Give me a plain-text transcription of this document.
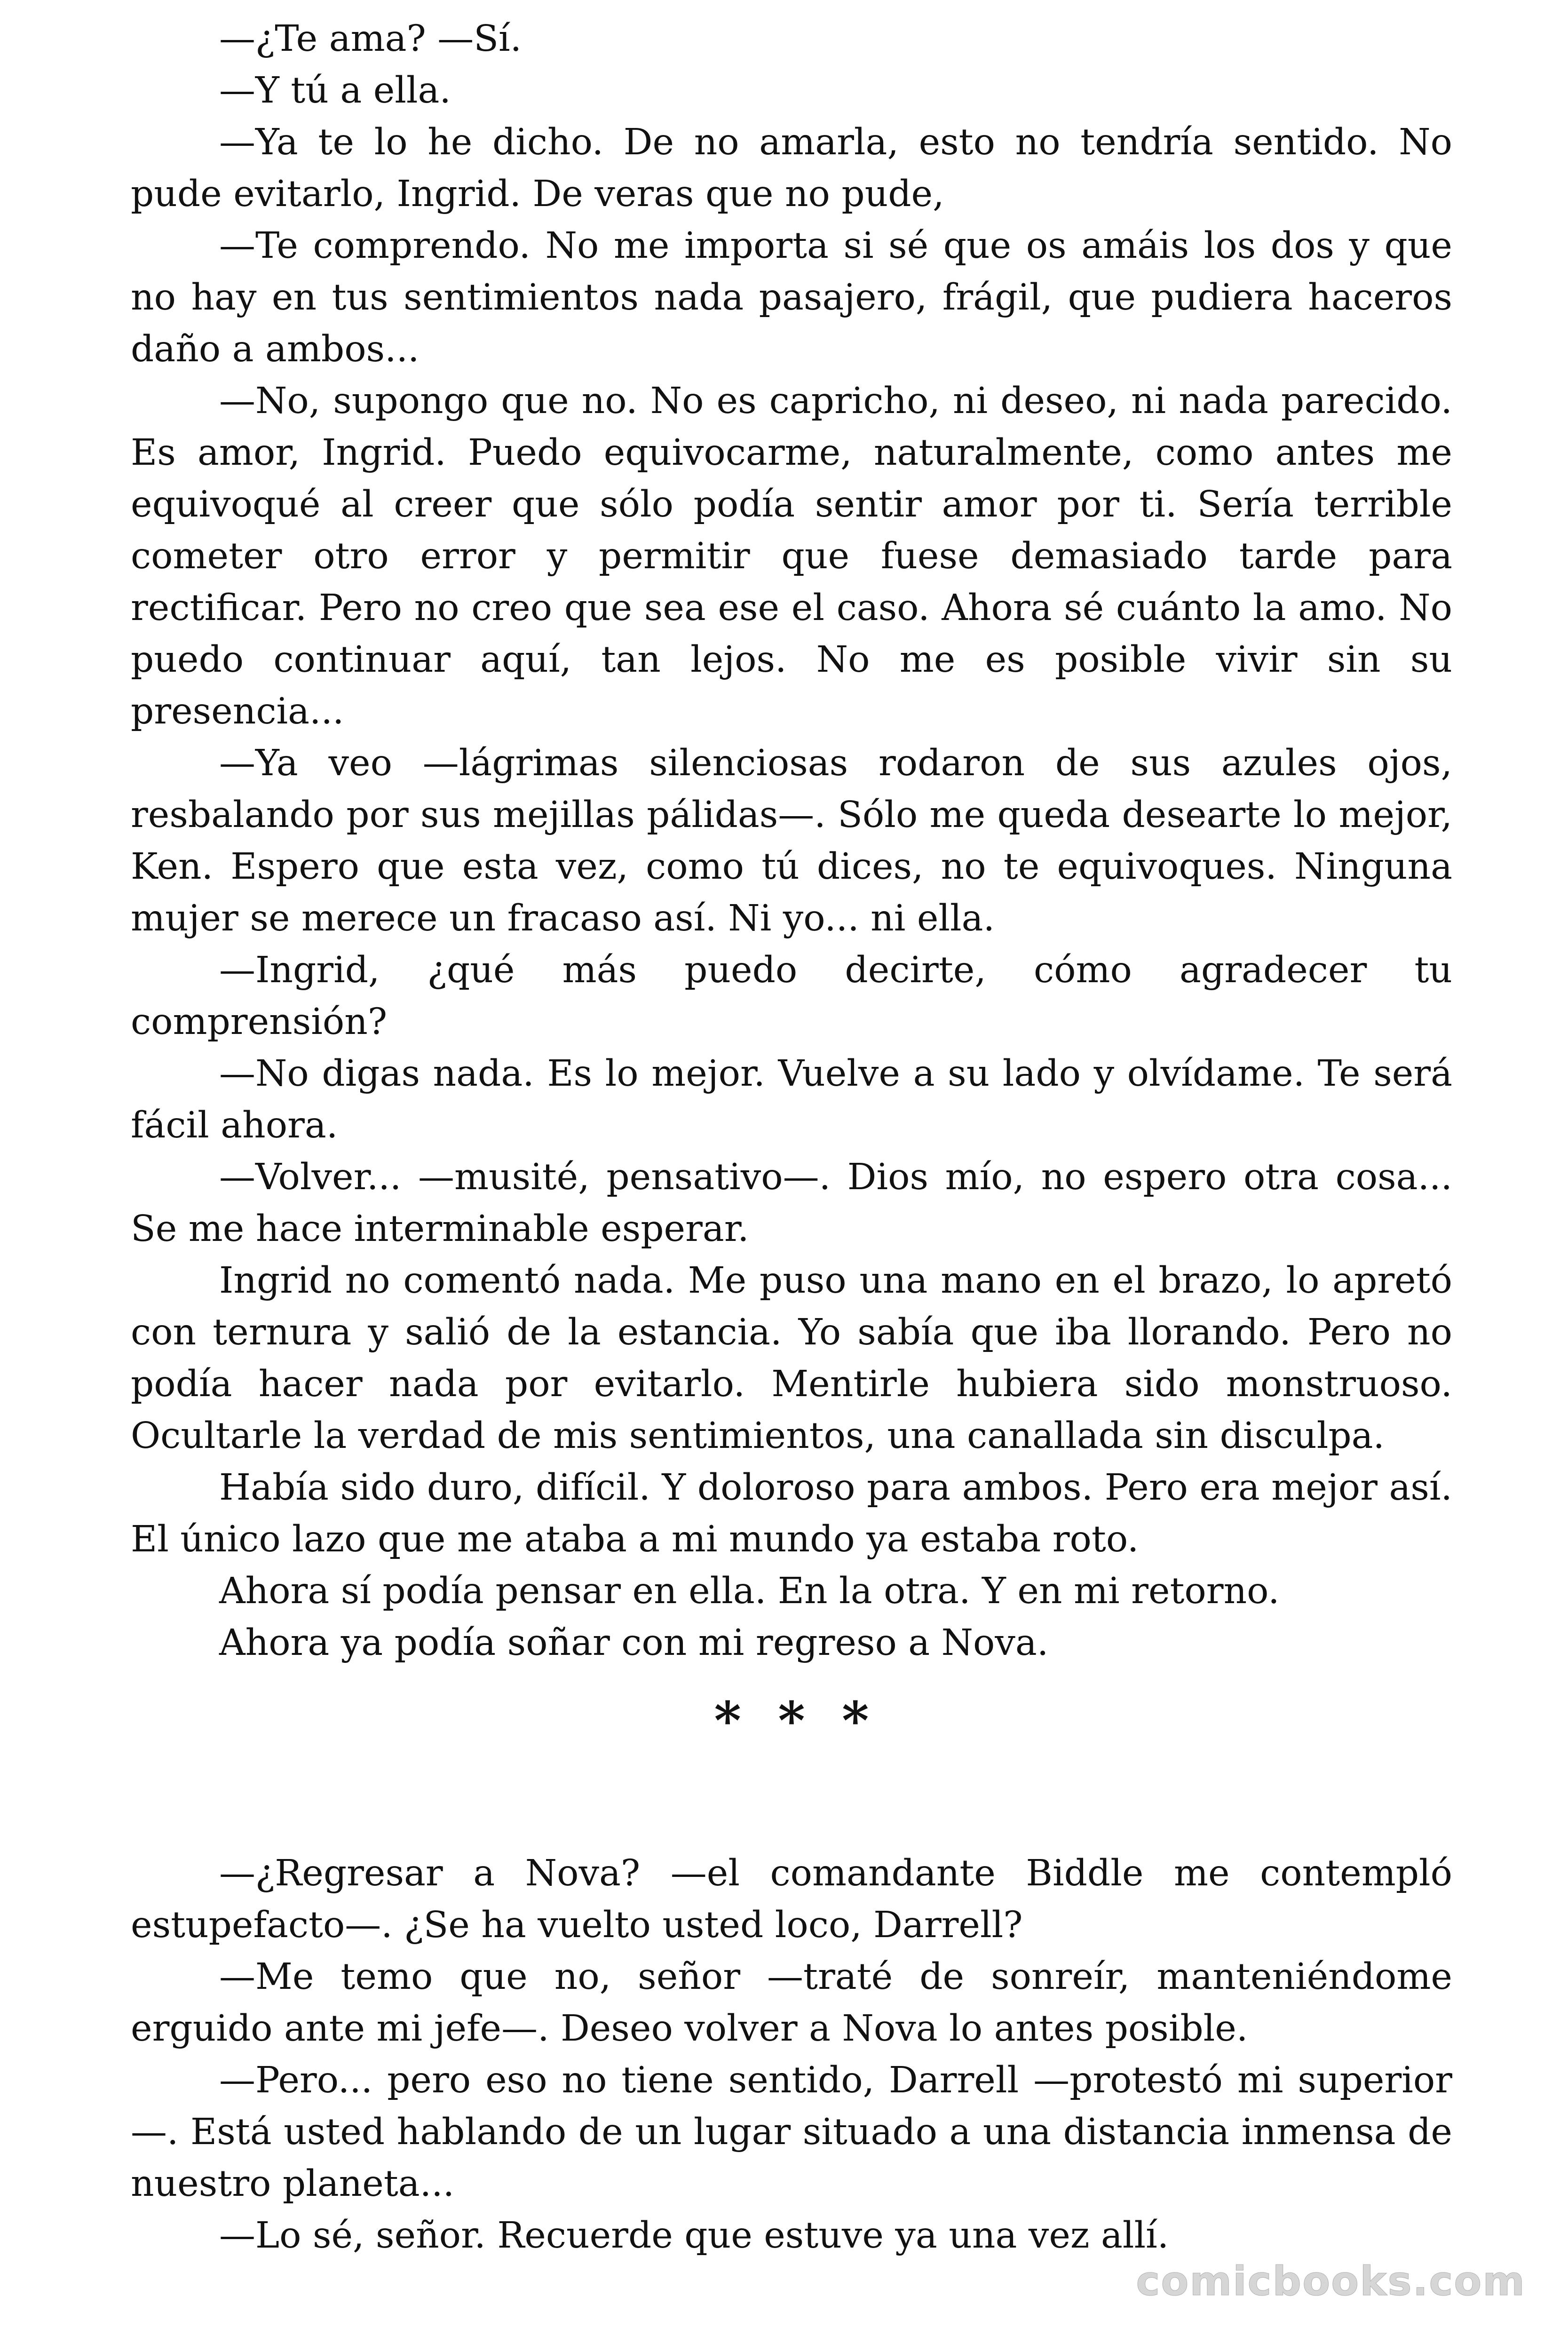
—¿Te ama? —Sí.

—Y tú a ella.

—Ya te lo he dicho. De no amarla, esto no tendría sentido. No pude evitarlo, Ingrid. De veras que no pude,

—Te comprendo. No me importa si sé que os amáis los dos y que no hay en tus sentimientos nada pasajero, frágil, que pudiera haceros daño a ambos...

—No, supongo que no. No es capricho, ni deseo, ni nada parecido. Es amor, Ingrid. Puedo equivocarme, naturalmente, como antes me equivoqué al creer que sólo podía sentir amor por ti. Sería terrible cometer otro error y permitir que fuese demasiado tarde para rectificar. Pero no creo que sea ese el caso. Ahora sé cuánto la amo. No puedo continuar aquí, tan lejos. No me es posible vivir sin su presencia...

—Ya veo —lágrimas silenciosas rodaron de sus azules ojos, resbalando por sus mejillas pálidas—. Sólo me queda desearte lo mejor, Ken. Espero que esta vez, como tú dices, no te equivoques. Ninguna mujer se merece un fracaso así. Ni yo... ni ella.

—Ingrid, ¿qué más puedo decirte, cómo agradecer tu comprensión?

—No digas nada. Es lo mejor. Vuelve a su lado y olvídame. Te será fácil ahora.

—Volver... —musité, pensativo—. Dios mío, no espero otra cosa... Se me hace interminable esperar.

Ingrid no comentó nada. Me puso una mano en el brazo, lo apretó con ternura y salió de la estancia. Yo sabía que iba llorando. Pero no podía hacer nada por evitarlo. Mentirle hubiera sido monstruoso. Ocultarle la verdad de mis sentimientos, una canallada sin disculpa.

Había sido duro, difícil. Y doloroso para ambos. Pero era mejor así. El único lazo que me ataba a mi mundo ya estaba roto.

Ahora sí podía pensar en ella. En la otra. Y en mi retorno.

Ahora ya podía soñar con mi regreso a Nova.

* * *

—¿Regresar a Nova? —el comandante Biddle me contempló estupefacto—. ¿Se ha vuelto usted loco, Darrell?

—Me temo que no, señor —traté de sonreír, manteniéndome erguido ante mi jefe—. Deseo volver a Nova lo antes posible.

—Pero... pero eso no tiene sentido, Darrell —protestó mi superior—. Está usted hablando de un lugar situado a una distancia inmensa de nuestro planeta...

—Lo sé, señor. Recuerde que estuve ya una vez allí.

comicbooks.com
